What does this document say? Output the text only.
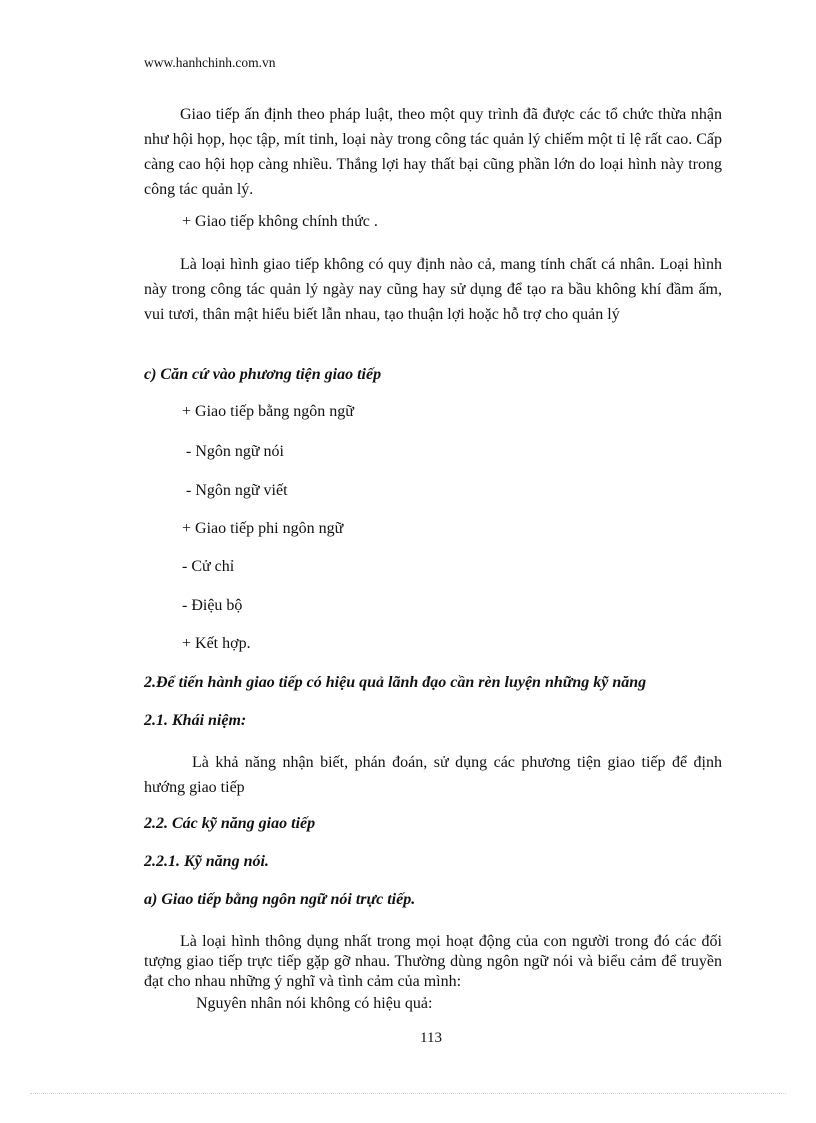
www.hanhchinh.com.vn
Giao tiếp ấn định theo pháp luật, theo một quy trình đã được các tổ chức thừa nhận như hội họp, học tập, mít tinh, loại này trong công tác quản lý chiếm một tỉ lệ rất cao. Cấp càng cao hội họp càng nhiều. Thắng lợi hay thất bại cũng phần lớn do loại hình này trong công tác quản lý.
+ Giao tiếp không chính thức .
Là loại hình giao tiếp không có quy định nào cả, mang tính chất cá nhân. Loại hình này trong công tác quản lý ngày nay cũng hay sử dụng để tạo ra bầu không khí đầm ấm, vui tươi, thân mật hiểu biết lẫn nhau, tạo thuận lợi hoặc hỗ trợ cho quản lý
c) Căn cứ vào phương tiện giao tiếp
+ Giao tiếp bằng ngôn ngữ
- Ngôn ngữ nói
- Ngôn ngữ viết
+ Giao tiếp phi ngôn ngữ
- Cử chỉ
- Điệu bộ
+ Kết hợp.
2.Để tiến hành giao tiếp có hiệu quả lãnh đạo cần rèn luyện những kỹ năng
2.1. Khái niệm:
Là khả năng nhận biết, phán đoán, sử dụng các phương tiện giao tiếp để định hướng giao tiếp
2.2. Các kỹ năng giao tiếp
2.2.1. Kỹ năng nói.
a) Giao tiếp bằng ngôn ngữ nói trực tiếp.
Là loại hình thông dụng nhất trong mọi hoạt động của con người trong đó các đối tượng giao tiếp trực tiếp gặp gỡ nhau. Thường dùng ngôn ngữ nói và biểu cảm để truyền đạt cho nhau những ý nghĩ và tình cảm của mình:
Nguyên nhân nói không có hiệu quả:
113
